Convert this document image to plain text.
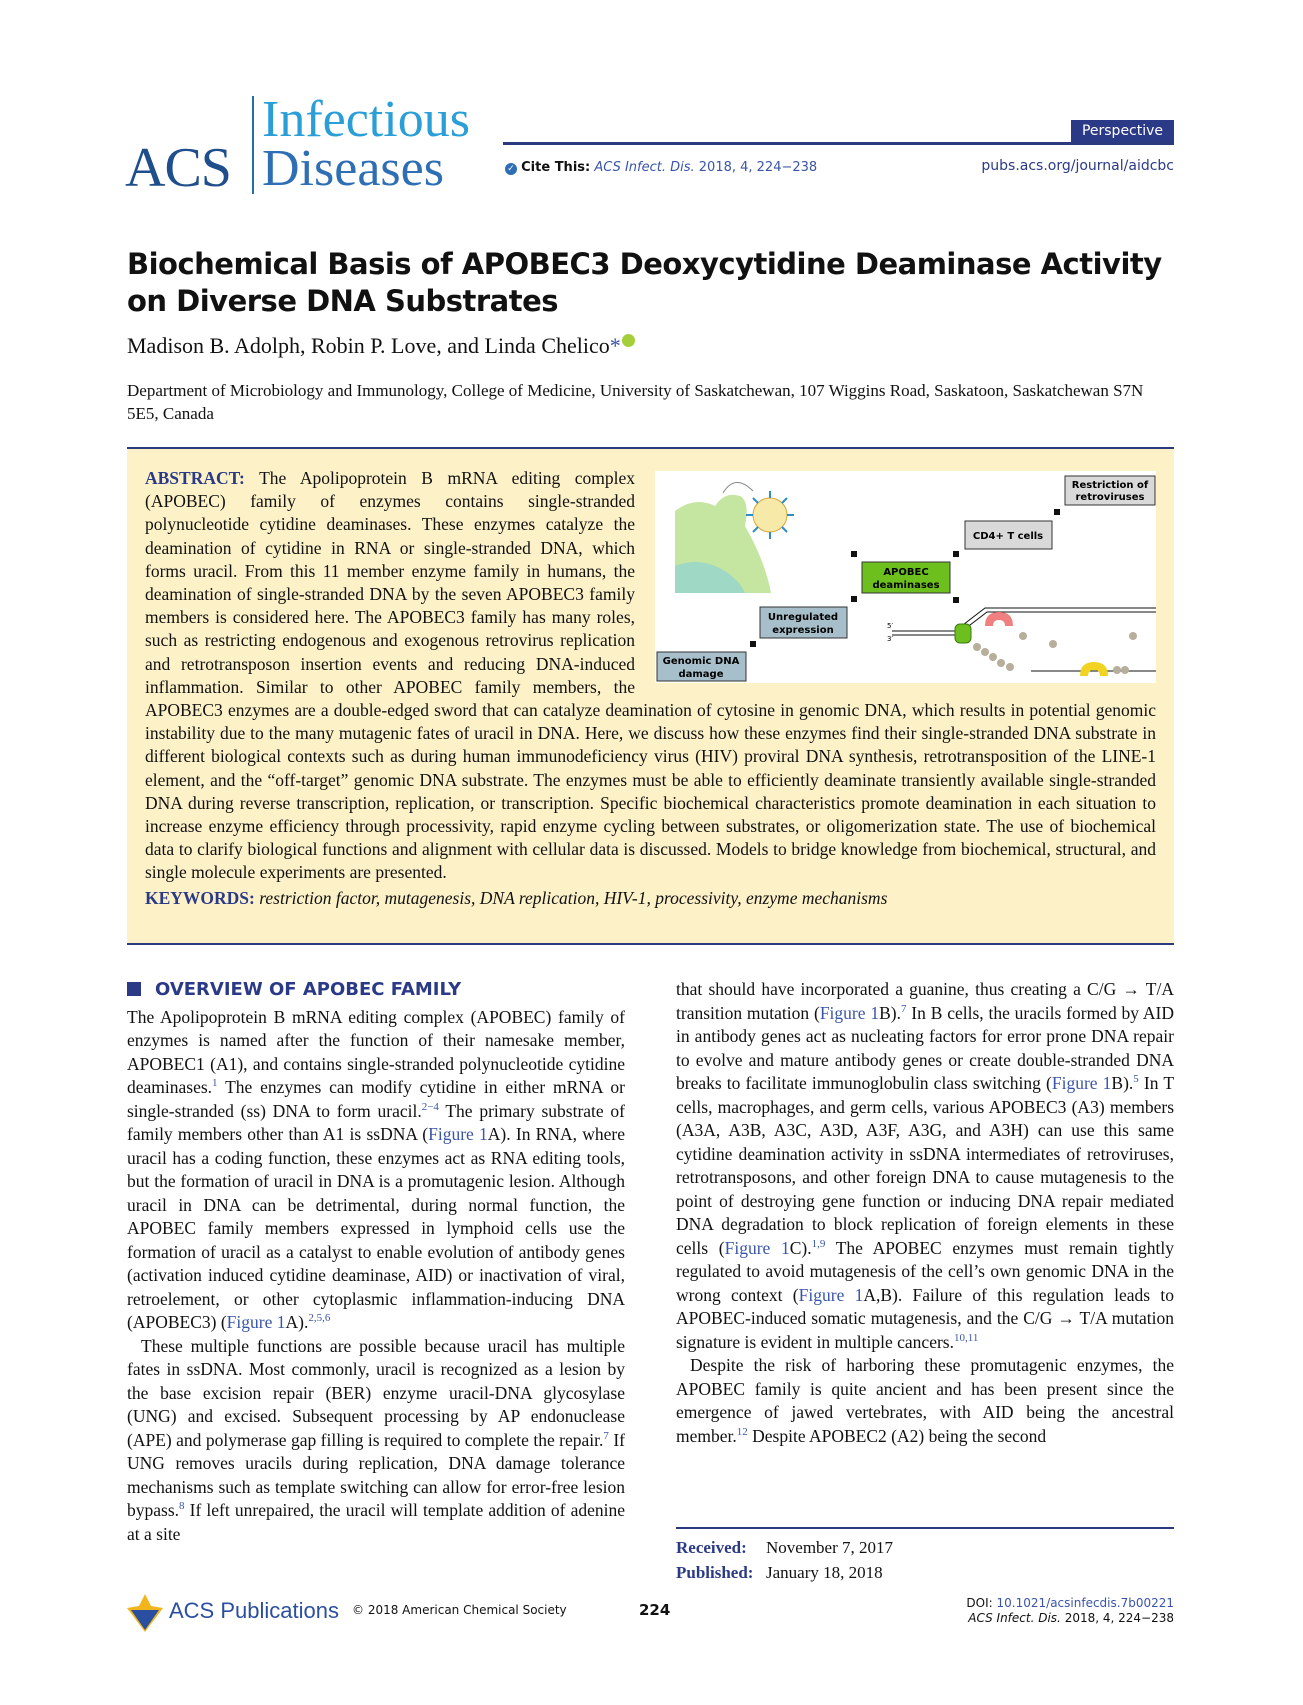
ACS
Infectious
Diseases
Perspective
✓ Cite This: ACS Infect. Dis. 2018, 4, 224−238	pubs.acs.org/journal/aidcbc
Biochemical Basis of APOBEC3 Deoxycytidine Deaminase Activity on Diverse DNA Substrates
Madison B. Adolph, Robin P. Love, and Linda Chelico*
Department of Microbiology and Immunology, College of Medicine, University of Saskatchewan, 107 Wiggins Road, Saskatoon, Saskatchewan S7N 5E5, Canada
Restriction of
retroviruses
CD4+ T cells
APOBEC
deaminases
Unregulated
expression
Genomic DNA
damage
5′
3′

ABSTRACT: The Apolipoprotein B mRNA editing complex (APOBEC) family of enzymes contains single-stranded polynucleotide cytidine deaminases. These enzymes catalyze the deamination of cytidine in RNA or single-stranded DNA, which forms uracil. From this 11 member enzyme family in humans, the deamination of single-stranded DNA by the seven APOBEC3 family members is considered here. The APOBEC3 family has many roles, such as restricting endogenous and exogenous retrovirus replication and retrotransposon insertion events and reducing DNA-induced inflammation. Similar to other APOBEC family members, the APOBEC3 enzymes are a double-edged sword that can catalyze deamination of cytosine in genomic DNA, which results in potential genomic instability due to the many mutagenic fates of uracil in DNA. Here, we discuss how these enzymes find their single-stranded DNA substrate in different biological contexts such as during human immunodeficiency virus (HIV) proviral DNA synthesis, retrotransposition of the LINE-1 element, and the “off-target” genomic DNA substrate. The enzymes must be able to efficiently deaminate transiently available single-stranded DNA during reverse transcription, replication, or transcription. Specific biochemical characteristics promote deamination in each situation to increase enzyme efficiency through processivity, rapid enzyme cycling between substrates, or oligomerization state. The use of biochemical data to clarify biological functions and alignment with cellular data is discussed. Models to bridge knowledge from biochemical, structural, and single molecule experiments are presented.

KEYWORDS: restriction factor, mutagenesis, DNA replication, HIV-1, processivity, enzyme mechanisms

OVERVIEW OF APOBEC FAMILY

The Apolipoprotein B mRNA editing complex (APOBEC) family of enzymes is named after the function of their namesake member, APOBEC1 (A1), and contains single-stranded polynucleotide cytidine deaminases.$^1$ The enzymes can modify cytidine in either mRNA or single-stranded (ss) DNA to form uracil.$^{2-4}$ The primary substrate of family members other than A1 is ssDNA (Figure 1A). In RNA, where uracil has a coding function, these enzymes act as RNA editing tools, but the formation of uracil in DNA is a promutagenic lesion. Although uracil in DNA can be detrimental, during normal function, the APOBEC family members expressed in lymphoid cells use the formation of uracil as a catalyst to enable evolution of antibody genes (activation induced cytidine deaminase, AID) or inactivation of viral, retroelement, or other cytoplasmic inflammation-inducing DNA (APOBEC3) (Figure 1A).$^{2,5,6}$

These multiple functions are possible because uracil has multiple fates in ssDNA. Most commonly, uracil is recognized as a lesion by the base excision repair (BER) enzyme uracil-DNA glycosylase (UNG) and excised. Subsequent processing by AP endonuclease (APE) and polymerase gap filling is required to complete the repair.$^7$ If UNG removes uracils during replication, DNA damage tolerance mechanisms such as template switching can allow for error-free lesion bypass.$^8$ If left unrepaired, the uracil will template addition of adenine at a site

that should have incorporated a guanine, thus creating a C/G → T/A transition mutation (Figure 1B).$^7$ In B cells, the uracils formed by AID in antibody genes act as nucleating factors for error prone DNA repair to evolve and mature antibody genes or create double-stranded DNA breaks to facilitate immunoglobulin class switching (Figure 1B).$^5$ In T cells, macrophages, and germ cells, various APOBEC3 (A3) members (A3A, A3B, A3C, A3D, A3F, A3G, and A3H) can use this same cytidine deamination activity in ssDNA intermediates of retroviruses, retrotransposons, and other foreign DNA to cause mutagenesis to the point of destroying gene function or inducing DNA repair mediated DNA degradation to block replication of foreign elements in these cells (Figure 1C).$^{1,9}$ The APOBEC enzymes must remain tightly regulated to avoid mutagenesis of the cell’s own genomic DNA in the wrong context (Figure 1A,B). Failure of this regulation leads to APOBEC-induced somatic mutagenesis, and the C/G → T/A mutation signature is evident in multiple cancers.$^{10,11}$

Despite the risk of harboring these promutagenic enzymes, the APOBEC family is quite ancient and has been present since the emergence of jawed vertebrates, with AID being the ancestral member.$^{12}$ Despite APOBEC2 (A2) being the second

Received: November 7, 2017
Published: January 18, 2018
ACS Publications © 2018 American Chemical Society	224	DOI: 10.1021/acsinfecdis.7b00221
ACS Infect. Dis. 2018, 4, 224−238
